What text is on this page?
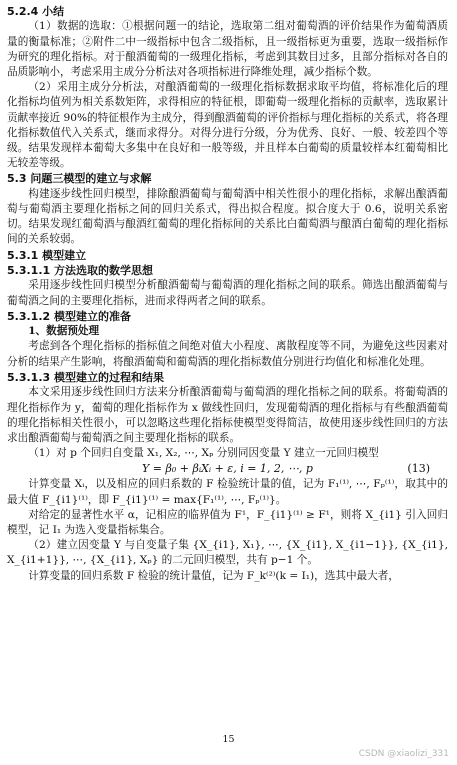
5.2.4 小结

（1）数据的选取：①根据问题一的结论，选取第二组对葡萄酒的评价结果作为葡萄酒质量的衡量标准；②附件二中一级指标中包含二级指标，且一级指标更为重要，选取一级指标作为研究的理化指标。对于酿酒葡萄的一级理化指标，考虑到其数目过多，且部分指标对各自的品质影响小，考虑采用主成分分析法对各项指标进行降维处理，减少指标个数。

（2）采用主成分分析法，对酿酒葡萄的一级理化指标数据求取平均值，将标准化后的理化指标均值列为相关系数矩阵，求得相应的特征根，即葡萄一级理化指标的贡献率，选取累计贡献率接近 90%的特征根作为主成分，得到酿酒葡萄的评价指标与理化指标的关系式，将各理化指标数值代入关系式，继而求得分。对得分进行分级，分为优秀、良好、一般、较差四个等级。结果发现样本葡萄大多集中在良好和一般等级，并且样本白葡萄的质量较样本红葡萄相比无较差等级。

5.3 问题三模型的建立与求解

构建逐步线性回归模型，排除酿酒葡萄与葡萄酒中相关性很小的理化指标，求解出酿酒葡萄与葡萄酒主要理化指标之间的回归关系式，得出拟合程度。拟合度大于 0.6，说明关系密切。结果发现红葡萄酒与酿酒红葡萄的理化指标间的关系比白葡萄酒与酿酒白葡萄的理化指标间的关系较弱。

5.3.1 模型建立
5.3.1.1 方法选取的数学思想

采用逐步线性回归模型分析酿酒葡萄与葡萄酒的理化指标之间的联系。筛选出酿酒葡萄与葡萄酒之间的主要理化指标，进而求得两者之间的联系。

5.3.1.2 模型建立的准备

1、数据预处理

考虑到各个理化指标的指标值之间绝对值大小程度、离散程度等不同，为避免这些因素对分析的结果产生影响，将酿酒葡萄和葡萄酒的理化指标数值分别进行均值化和标准化处理。

5.3.1.3 模型建立的过程和结果

本文采用逐步线性回归方法来分析酿酒葡萄与葡萄酒的理化指标之间的联系。将葡萄酒的理化指标作为 y，葡萄的理化指标作为 x 做线性回归，发现葡萄酒的理化指标与有些酿酒葡萄的理化指标相关性很小，可以忽略这些理化指标使模型变得简洁，故使用逐步线性回归的方法求出酿酒葡萄与葡萄酒之间主要理化指标的联系。

（1）对 p 个回归自变量 X₁, X₂, ⋯, Xₚ 分别同因变量 Y 建立一元回归模型

Y = β₀ + βᵢXᵢ + ε, i = 1, 2, ⋯, p	(13)

计算变量 Xᵢ，以及相应的回归系数的 F 检验统计量的值，记为 F₁⁽¹⁾, ⋯, Fₚ⁽¹⁾，取其中的最大值 F_{i1}⁽¹⁾，即 F_{i1}⁽¹⁾ = max{F₁⁽¹⁾, ⋯, Fₚ⁽¹⁾}。

对给定的显著性水平 α，记相应的临界值为 F¹，F_{i1}⁽¹⁾ ≥ F¹，则将 X_{i1} 引入回归模型，记 I₁ 为选入变量指标集合。

（2）建立因变量 Y 与自变量子集 {X_{i1}, X₁}, ⋯, {X_{i1}, X_{i1−1}}, {X_{i1}, X_{i1+1}}, ⋯, {X_{i1}, Xₚ} 的二元回归模型，共有 p−1 个。

计算变量的回归系数 F 检验的统计量值，记为 F_k⁽²⁾(k = I₁)，选其中最大者，

15
CSDN @xiaolizi_331
